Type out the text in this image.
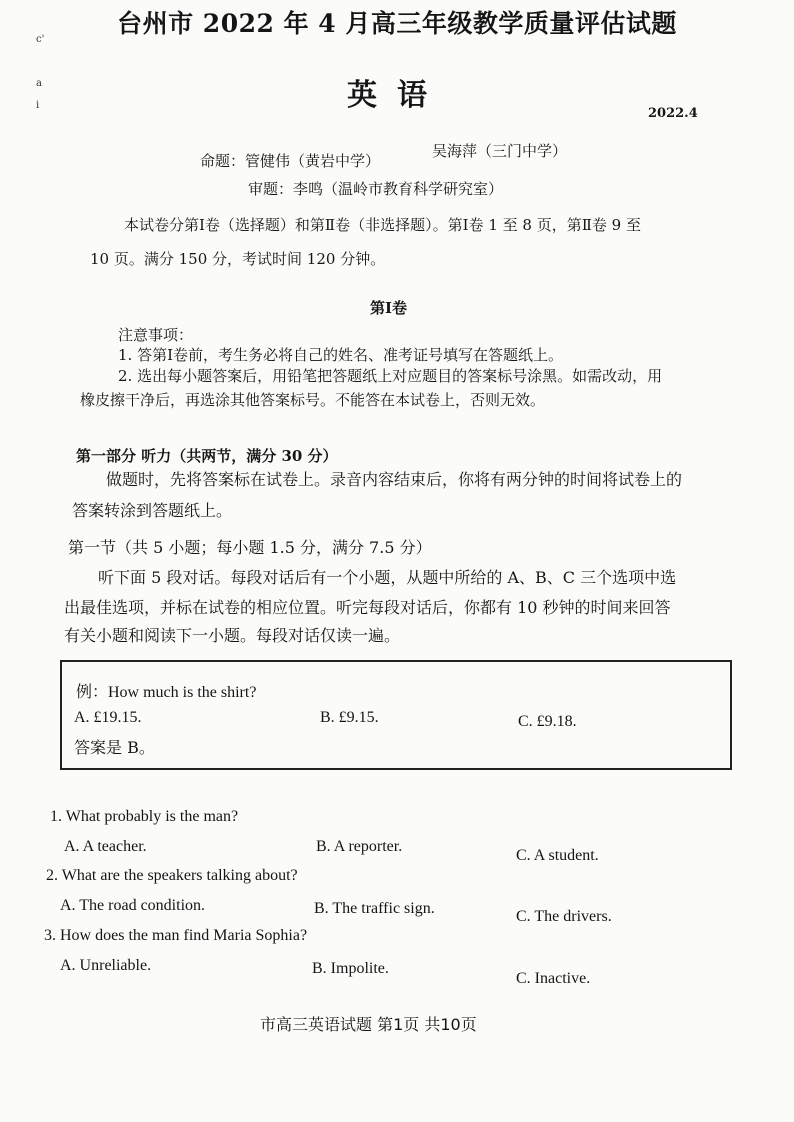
c'
a
i
台州市 2022 年 4 月高三年级教学质量评估试题
英语
2022.4
命题：管健伟（黄岩中学）
吴海萍（三门中学）
审题：李鸣（温岭市教育科学研究室）
本试卷分第Ⅰ卷（选择题）和第Ⅱ卷（非选择题）。第Ⅰ卷 1 至 8 页，第Ⅱ卷 9 至
10 页。满分 150 分，考试时间 120 分钟。
第Ⅰ卷
注意事项：
1. 答第Ⅰ卷前，考生务必将自己的姓名、准考证号填写在答题纸上。
2. 选出每小题答案后，用铅笔把答题纸上对应题目的答案标号涂黑。如需改动，用
橡皮擦干净后，再选涂其他答案标号。不能答在本试卷上，否则无效。
第一部分 听力（共两节，满分 30 分）
做题时，先将答案标在试卷上。录音内容结束后，你将有两分钟的时间将试卷上的
答案转涂到答题纸上。
第一节（共 5 小题；每小题 1.5 分，满分 7.5 分）
听下面 5 段对话。每段对话后有一个小题，从题中所给的 A、B、C 三个选项中选
出最佳选项，并标在试卷的相应位置。听完每段对话后，你都有 10 秒钟的时间来回答
有关小题和阅读下一小题。每段对话仅读一遍。
例：How much is the shirt?
A. £19.15.	B. £9.15.	C. £9.18.
答案是 B。
1. What probably is the man?
A. A teacher.	B. A reporter.
C. A student.
2. What are the speakers talking about?
A. The road condition.	B. The traffic sign.	C. The drivers.
3. How does the man find Maria Sophia?
A. Unreliable.	B. Impolite.
C. Inactive.
市高三英语试题 第1页 共10页
